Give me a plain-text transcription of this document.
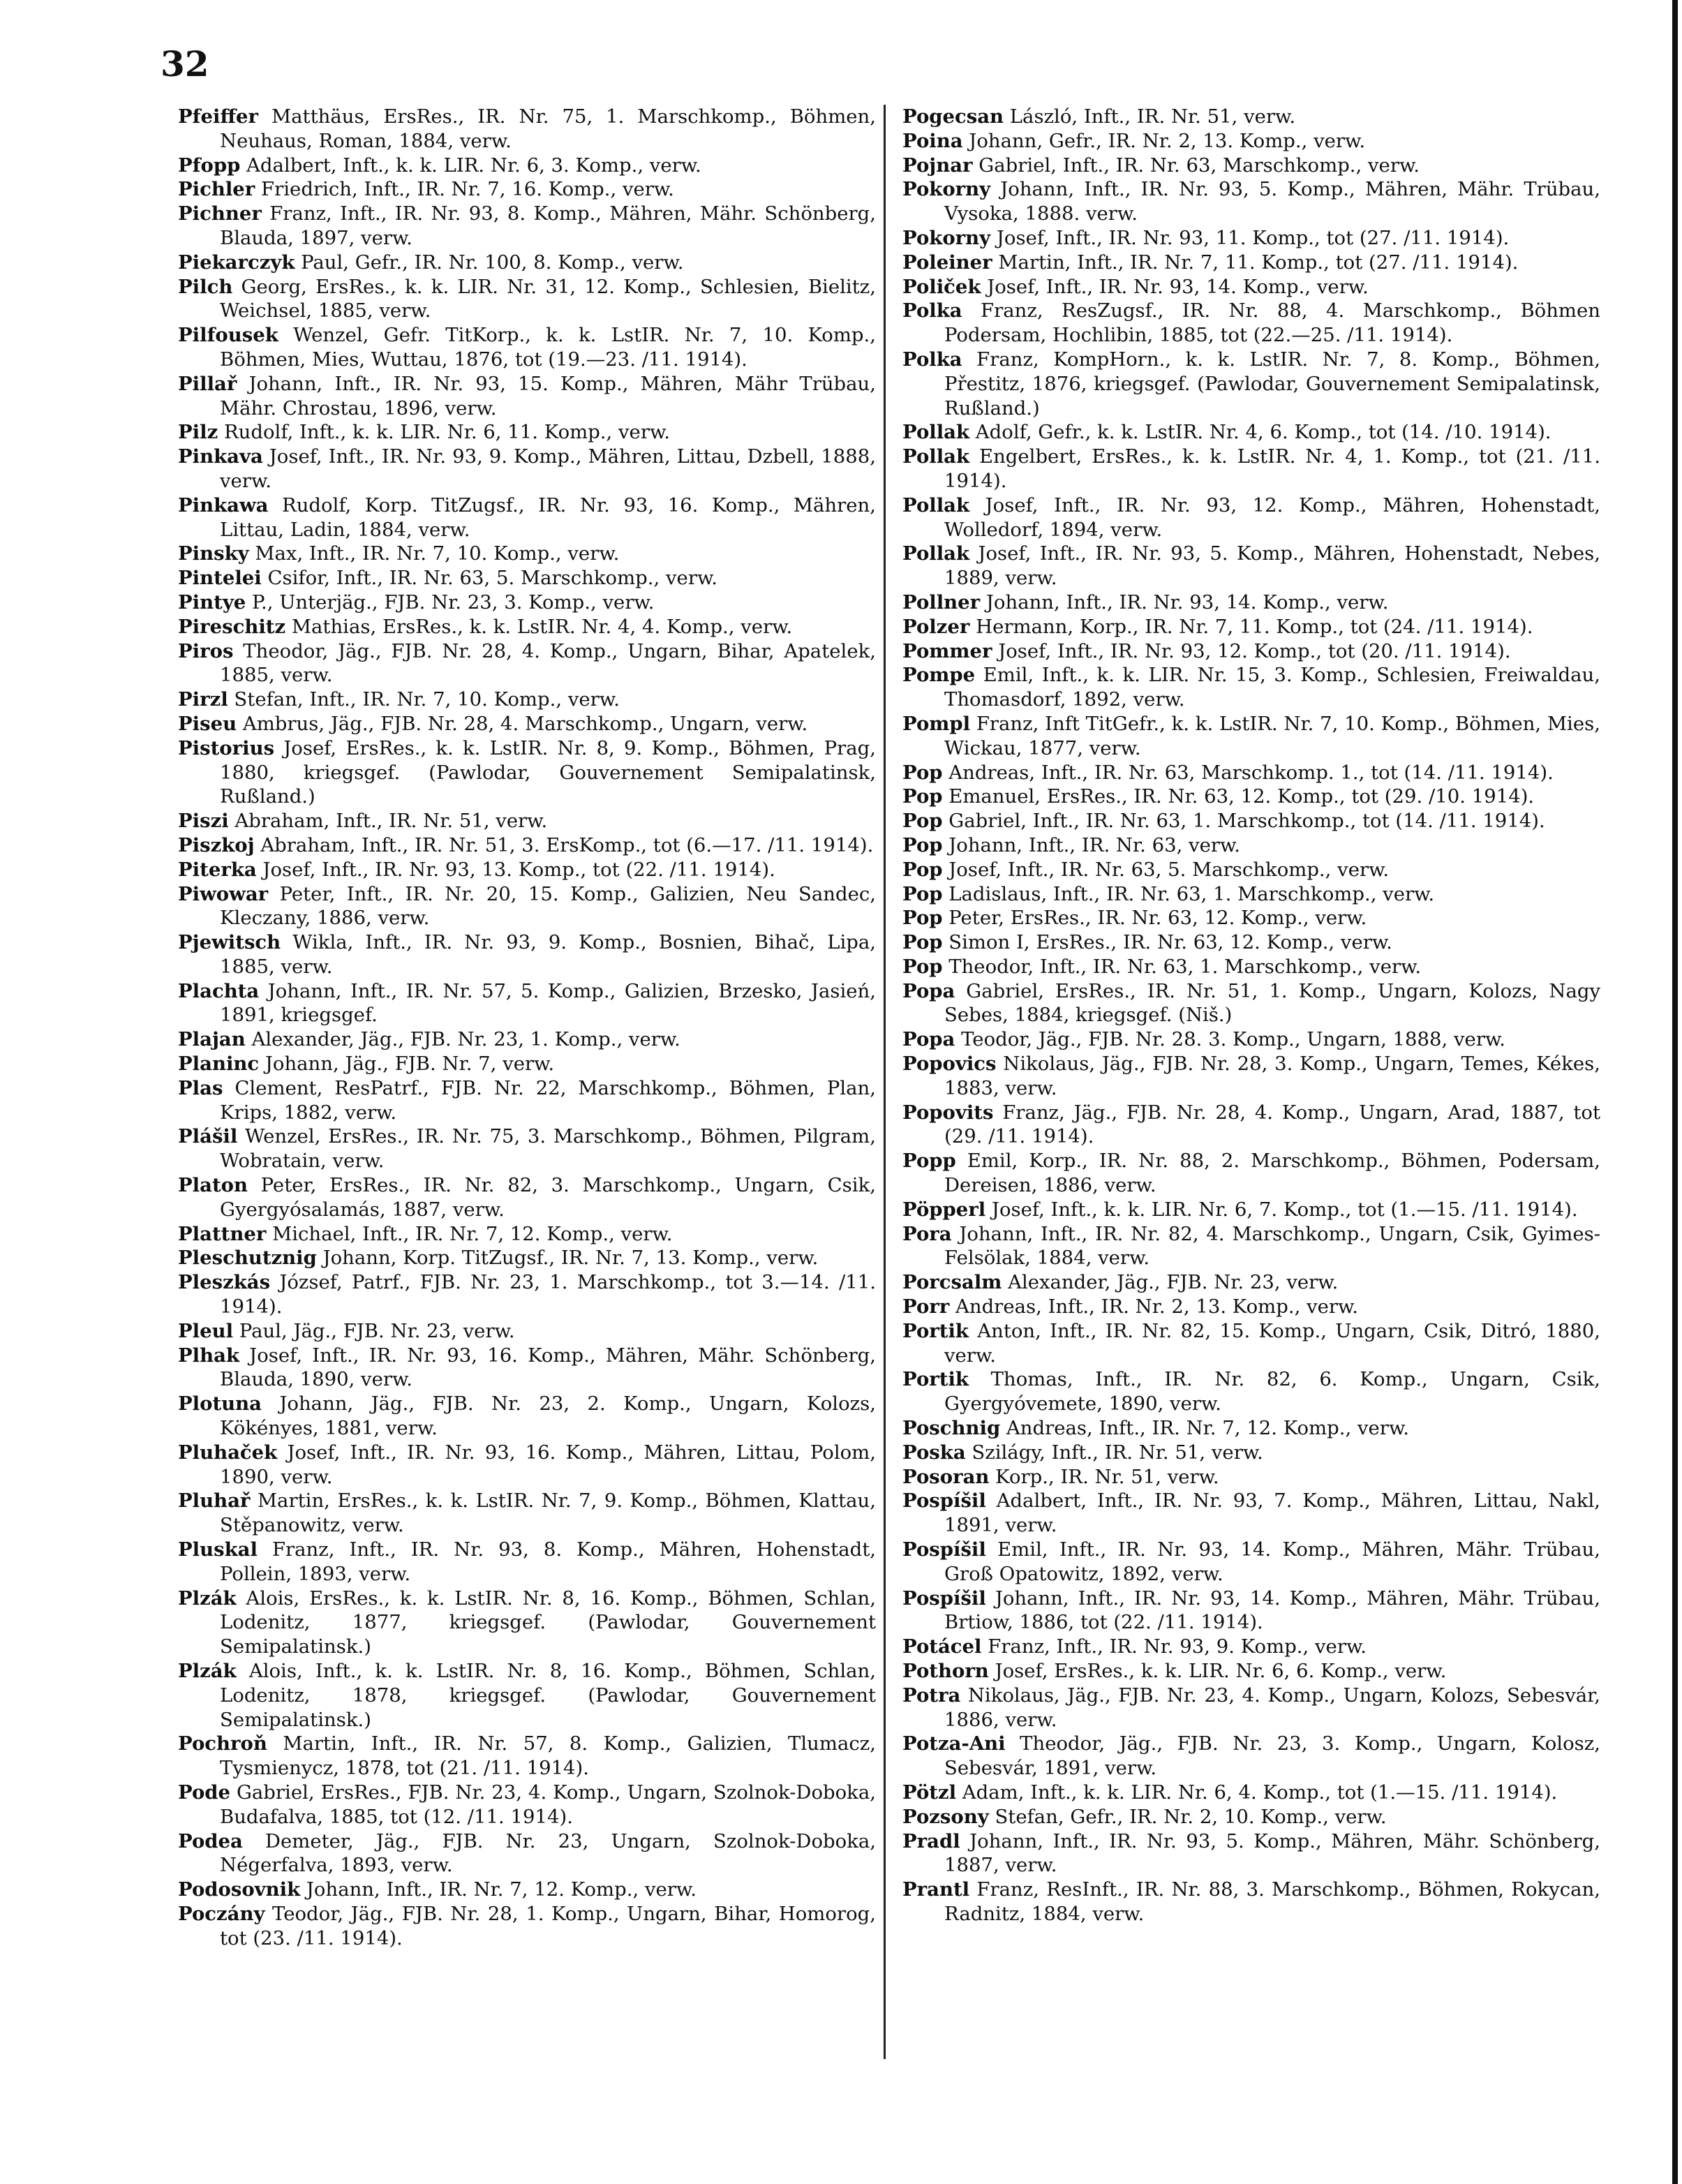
32
Pfeiffer Matthäus, ErsRes., IR. Nr. 75, 1. Marschkomp., Böhmen, Neuhaus, Roman, 1884, verw.
Pfopp Adalbert, Inft., k. k. LIR. Nr. 6, 3. Komp., verw.
Pichler Friedrich, Inft., IR. Nr. 7, 16. Komp., verw.
Pichner Franz, Inft., IR. Nr. 93, 8. Komp., Mähren, Mähr. Schönberg, Blauda, 1897, verw.
Piekarczyk Paul, Gefr., IR. Nr. 100, 8. Komp., verw.
Pilch Georg, ErsRes., k. k. LIR. Nr. 31, 12. Komp., Schlesien, Bielitz, Weichsel, 1885, verw.
Pilfousek Wenzel, Gefr. TitKorp., k. k. LstIR. Nr. 7, 10. Komp., Böhmen, Mies, Wuttau, 1876, tot (19.—23. /11. 1914).
Pillař Johann, Inft., IR. Nr. 93, 15. Komp., Mähren, Mähr Trübau, Mähr. Chrostau, 1896, verw.
Pilz Rudolf, Inft., k. k. LIR. Nr. 6, 11. Komp., verw.
Pinkava Josef, Inft., IR. Nr. 93, 9. Komp., Mähren, Littau, Dzbell, 1888, verw.
Pinkawa Rudolf, Korp. TitZugsf., IR. Nr. 93, 16. Komp., Mähren, Littau, Ladin, 1884, verw.
Pinsky Max, Inft., IR. Nr. 7, 10. Komp., verw.
Pintelei Csifor, Inft., IR. Nr. 63, 5. Marschkomp., verw.
Pintye P., Unterjäg., FJB. Nr. 23, 3. Komp., verw.
Pireschitz Mathias, ErsRes., k. k. LstIR. Nr. 4, 4. Komp., verw.
Piros Theodor, Jäg., FJB. Nr. 28, 4. Komp., Ungarn, Bihar, Apatelek, 1885, verw.
Pirzl Stefan, Inft., IR. Nr. 7, 10. Komp., verw.
Piseu Ambrus, Jäg., FJB. Nr. 28, 4. Marschkomp., Ungarn, verw.
Pistorius Josef, ErsRes., k. k. LstIR. Nr. 8, 9. Komp., Böhmen, Prag, 1880, kriegsgef. (Pawlodar, Gouvernement Semipalatinsk, Rußland.)
Piszi Abraham, Inft., IR. Nr. 51, verw.
Piszkoj Abraham, Inft., IR. Nr. 51, 3. ErsKomp., tot (6.—17. /11. 1914).
Piterka Josef, Inft., IR. Nr. 93, 13. Komp., tot (22. /11. 1914).
Piwowar Peter, Inft., IR. Nr. 20, 15. Komp., Galizien, Neu Sandec, Kleczany, 1886, verw.
Pjewitsch Wikla, Inft., IR. Nr. 93, 9. Komp., Bosnien, Bihač, Lipa, 1885, verw.
Plachta Johann, Inft., IR. Nr. 57, 5. Komp., Galizien, Brzesko, Jasień, 1891, kriegsgef.
Plajan Alexander, Jäg., FJB. Nr. 23, 1. Komp., verw.
Planinc Johann, Jäg., FJB. Nr. 7, verw.
Plas Clement, ResPatrf., FJB. Nr. 22, Marschkomp., Böhmen, Plan, Krips, 1882, verw.
Plášil Wenzel, ErsRes., IR. Nr. 75, 3. Marschkomp., Böhmen, Pilgram, Wobratain, verw.
Platon Peter, ErsRes., IR. Nr. 82, 3. Marschkomp., Ungarn, Csik, Gyergyósalamás, 1887, verw.
Plattner Michael, Inft., IR. Nr. 7, 12. Komp., verw.
Pleschutznig Johann, Korp. TitZugsf., IR. Nr. 7, 13. Komp., verw.
Pleszkás József, Patrf., FJB. Nr. 23, 1. Marschkomp., tot 3.—14. /11. 1914).
Pleul Paul, Jäg., FJB. Nr. 23, verw.
Plhak Josef, Inft., IR. Nr. 93, 16. Komp., Mähren, Mähr. Schönberg, Blauda, 1890, verw.
Plotuna Johann, Jäg., FJB. Nr. 23, 2. Komp., Ungarn, Kolozs, Kökényes, 1881, verw.
Pluhaček Josef, Inft., IR. Nr. 93, 16. Komp., Mähren, Littau, Polom, 1890, verw.
Pluhař Martin, ErsRes., k. k. LstIR. Nr. 7, 9. Komp., Böhmen, Klattau, Stěpanowitz, verw.
Pluskal Franz, Inft., IR. Nr. 93, 8. Komp., Mähren, Hohenstadt, Pollein, 1893, verw.
Plzák Alois, ErsRes., k. k. LstIR. Nr. 8, 16. Komp., Böhmen, Schlan, Lodenitz, 1877, kriegsgef. (Pawlodar, Gouvernement Semipalatinsk.)
Plzák Alois, Inft., k. k. LstIR. Nr. 8, 16. Komp., Böhmen, Schlan, Lodenitz, 1878, kriegsgef. (Pawlodar, Gouvernement Semipalatinsk.)
Pochroň Martin, Inft., IR. Nr. 57, 8. Komp., Galizien, Tlumacz, Tysmienycz, 1878, tot (21. /11. 1914).
Pode Gabriel, ErsRes., FJB. Nr. 23, 4. Komp., Ungarn, Szolnok-Doboka, Budafalva, 1885, tot (12. /11. 1914).
Podea Demeter, Jäg., FJB. Nr. 23, Ungarn, Szolnok-Doboka, Négerfalva, 1893, verw.
Podosovnik Johann, Inft., IR. Nr. 7, 12. Komp., verw.
Poczány Teodor, Jäg., FJB. Nr. 28, 1. Komp., Ungarn, Bihar, Homorog, tot (23. /11. 1914).
Pogecsan László, Inft., IR. Nr. 51, verw.
Poina Johann, Gefr., IR. Nr. 2, 13. Komp., verw.
Pojnar Gabriel, Inft., IR. Nr. 63, Marschkomp., verw.
Pokorny Johann, Inft., IR. Nr. 93, 5. Komp., Mähren, Mähr. Trübau, Vysoka, 1888. verw.
Pokorny Josef, Inft., IR. Nr. 93, 11. Komp., tot (27. /11. 1914).
Poleiner Martin, Inft., IR. Nr. 7, 11. Komp., tot (27. /11. 1914).
Poliček Josef, Inft., IR. Nr. 93, 14. Komp., verw.
Polka Franz, ResZugsf., IR. Nr. 88, 4. Marschkomp., Böhmen Podersam, Hochlibin, 1885, tot (22.—25. /11. 1914).
Polka Franz, KompHorn., k. k. LstIR. Nr. 7, 8. Komp., Böhmen, Přestitz, 1876, kriegsgef. (Pawlodar, Gouvernement Semipalatinsk, Rußland.)
Pollak Adolf, Gefr., k. k. LstIR. Nr. 4, 6. Komp., tot (14. /10. 1914).
Pollak Engelbert, ErsRes., k. k. LstIR. Nr. 4, 1. Komp., tot (21. /11. 1914).
Pollak Josef, Inft., IR. Nr. 93, 12. Komp., Mähren, Hohenstadt, Wolledorf, 1894, verw.
Pollak Josef, Inft., IR. Nr. 93, 5. Komp., Mähren, Hohenstadt, Nebes, 1889, verw.
Pollner Johann, Inft., IR. Nr. 93, 14. Komp., verw.
Polzer Hermann, Korp., IR. Nr. 7, 11. Komp., tot (24. /11. 1914).
Pommer Josef, Inft., IR. Nr. 93, 12. Komp., tot (20. /11. 1914).
Pompe Emil, Inft., k. k. LIR. Nr. 15, 3. Komp., Schlesien, Freiwaldau, Thomasdorf, 1892, verw.
Pompl Franz, Inft TitGefr., k. k. LstIR. Nr. 7, 10. Komp., Böhmen, Mies, Wickau, 1877, verw.
Pop Andreas, Inft., IR. Nr. 63, Marschkomp. 1., tot (14. /11. 1914).
Pop Emanuel, ErsRes., IR. Nr. 63, 12. Komp., tot (29. /10. 1914).
Pop Gabriel, Inft., IR. Nr. 63, 1. Marschkomp., tot (14. /11. 1914).
Pop Johann, Inft., IR. Nr. 63, verw.
Pop Josef, Inft., IR. Nr. 63, 5. Marschkomp., verw.
Pop Ladislaus, Inft., IR. Nr. 63, 1. Marschkomp., verw.
Pop Peter, ErsRes., IR. Nr. 63, 12. Komp., verw.
Pop Simon I, ErsRes., IR. Nr. 63, 12. Komp., verw.
Pop Theodor, Inft., IR. Nr. 63, 1. Marschkomp., verw.
Popa Gabriel, ErsRes., IR. Nr. 51, 1. Komp., Ungarn, Kolozs, Nagy Sebes, 1884, kriegsgef. (Niš.)
Popa Teodor, Jäg., FJB. Nr. 28. 3. Komp., Ungarn, 1888, verw.
Popovics Nikolaus, Jäg., FJB. Nr. 28, 3. Komp., Ungarn, Temes, Kékes, 1883, verw.
Popovits Franz, Jäg., FJB. Nr. 28, 4. Komp., Ungarn, Arad, 1887, tot (29. /11. 1914).
Popp Emil, Korp., IR. Nr. 88, 2. Marschkomp., Böhmen, Podersam, Dereisen, 1886, verw.
Pöpperl Josef, Inft., k. k. LIR. Nr. 6, 7. Komp., tot (1.—15. /11. 1914).
Pora Johann, Inft., IR. Nr. 82, 4. Marschkomp., Ungarn, Csik, Gyimes-Felsölak, 1884, verw.
Porcsalm Alexander, Jäg., FJB. Nr. 23, verw.
Porr Andreas, Inft., IR. Nr. 2, 13. Komp., verw.
Portik Anton, Inft., IR. Nr. 82, 15. Komp., Ungarn, Csik, Ditró, 1880, verw.
Portik Thomas, Inft., IR. Nr. 82, 6. Komp., Ungarn, Csik, Gyergyóvemete, 1890, verw.
Poschnig Andreas, Inft., IR. Nr. 7, 12. Komp., verw.
Poska Szilágy, Inft., IR. Nr. 51, verw.
Posoran Korp., IR. Nr. 51, verw.
Pospíšil Adalbert, Inft., IR. Nr. 93, 7. Komp., Mähren, Littau, Nakl, 1891, verw.
Pospíšil Emil, Inft., IR. Nr. 93, 14. Komp., Mähren, Mähr. Trübau, Groß Opatowitz, 1892, verw.
Pospíšil Johann, Inft., IR. Nr. 93, 14. Komp., Mähren, Mähr. Trübau, Brtiow, 1886, tot (22. /11. 1914).
Potácel Franz, Inft., IR. Nr. 93, 9. Komp., verw.
Pothorn Josef, ErsRes., k. k. LIR. Nr. 6, 6. Komp., verw.
Potra Nikolaus, Jäg., FJB. Nr. 23, 4. Komp., Ungarn, Kolozs, Sebesvár, 1886, verw.
Potza-Ani Theodor, Jäg., FJB. Nr. 23, 3. Komp., Ungarn, Kolosz, Sebesvár, 1891, verw.
Pötzl Adam, Inft., k. k. LIR. Nr. 6, 4. Komp., tot (1.—15. /11. 1914).
Pozsony Stefan, Gefr., IR. Nr. 2, 10. Komp., verw.
Pradl Johann, Inft., IR. Nr. 93, 5. Komp., Mähren, Mähr. Schönberg, 1887, verw.
Prantl Franz, ResInft., IR. Nr. 88, 3. Marschkomp., Böhmen, Rokycan, Radnitz, 1884, verw.
